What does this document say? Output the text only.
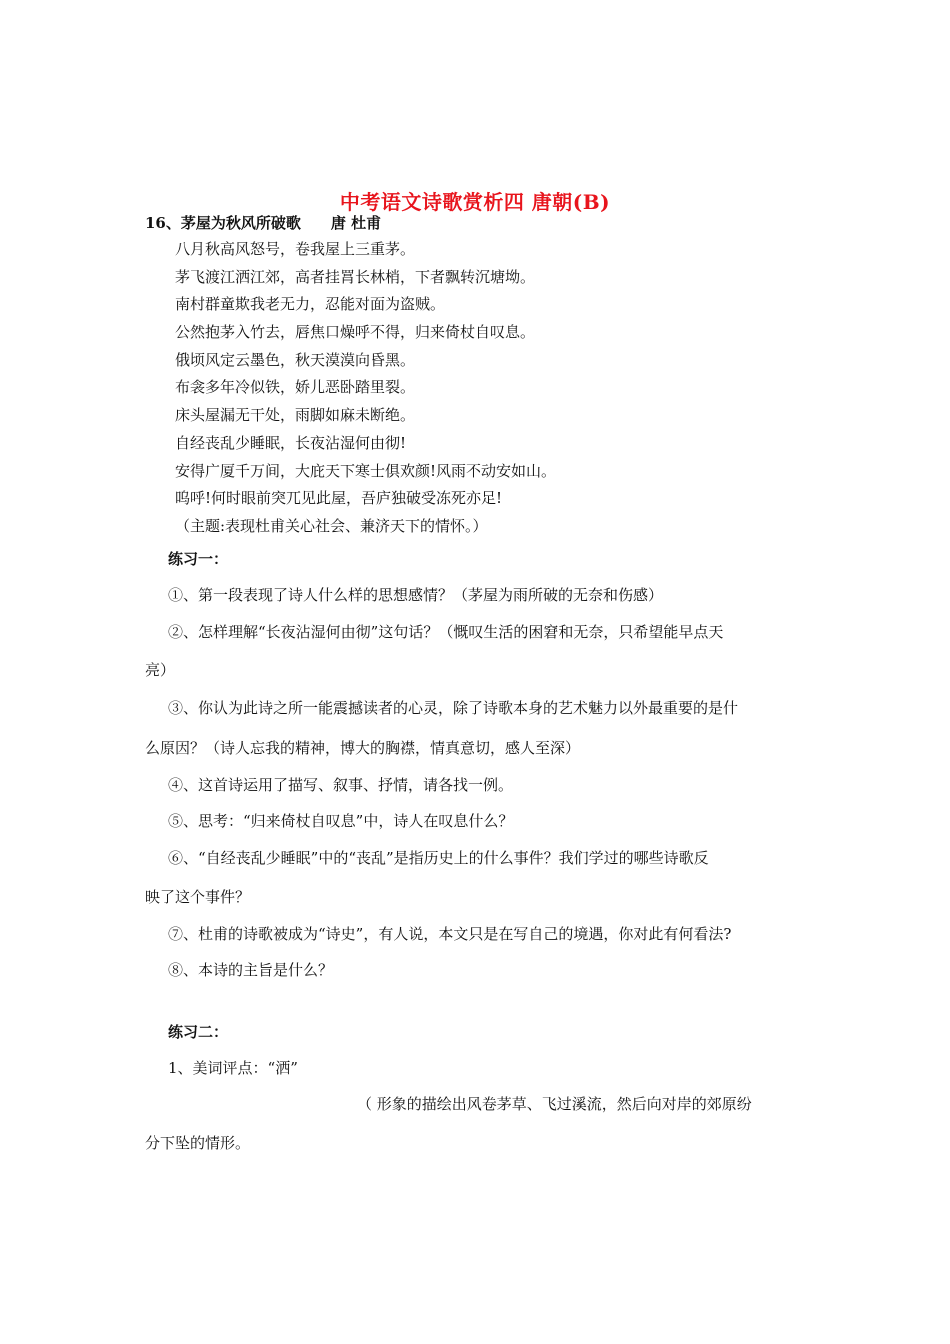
中考语文诗歌赏析四 唐朝(B)
16、茅屋为秋风所破歌 唐 杜甫
八月秋高风怒号，卷我屋上三重茅。
茅飞渡江洒江郊，高者挂罥长林梢，下者飘转沉塘坳。
南村群童欺我老无力，忍能对面为盗贼。
公然抱茅入竹去，唇焦口燥呼不得，归来倚杖自叹息。
俄顷风定云墨色，秋天漠漠向昏黑。
布衾多年冷似铁，娇儿恶卧踏里裂。
床头屋漏无干处，雨脚如麻未断绝。
自经丧乱少睡眠，长夜沾湿何由彻!
安得广厦千万间，大庇天下寒士俱欢颜!风雨不动安如山。
呜呼!何时眼前突兀见此屋，吾庐独破受冻死亦足!
（主题:表现杜甫关心社会、兼济天下的情怀。）
练习一：
①、第一段表现了诗人什么样的思想感情？（茅屋为雨所破的无奈和伤感）
②、怎样理解“长夜沾湿何由彻”这句话？（慨叹生活的困窘和无奈，只希望能早点天
亮）
③、你认为此诗之所一能震撼读者的心灵，除了诗歌本身的艺术魅力以外最重要的是什
么原因？（诗人忘我的精神，博大的胸襟，情真意切，感人至深）
④、这首诗运用了描写、叙事、抒情，请各找一例。
⑤、思考：“归来倚杖自叹息”中，诗人在叹息什么？
⑥、“自经丧乱少睡眠”中的“丧乱”是指历史上的什么事件？我们学过的哪些诗歌反
映了这个事件？
⑦、杜甫的诗歌被成为“诗史”，有人说，本文只是在写自己的境遇，你对此有何看法?
⑧、本诗的主旨是什么？
练习二：
1、美词评点：“洒”
（ 形象的描绘出风卷茅草、飞过溪流，然后向对岸的郊原纷
分下坠的情形。
